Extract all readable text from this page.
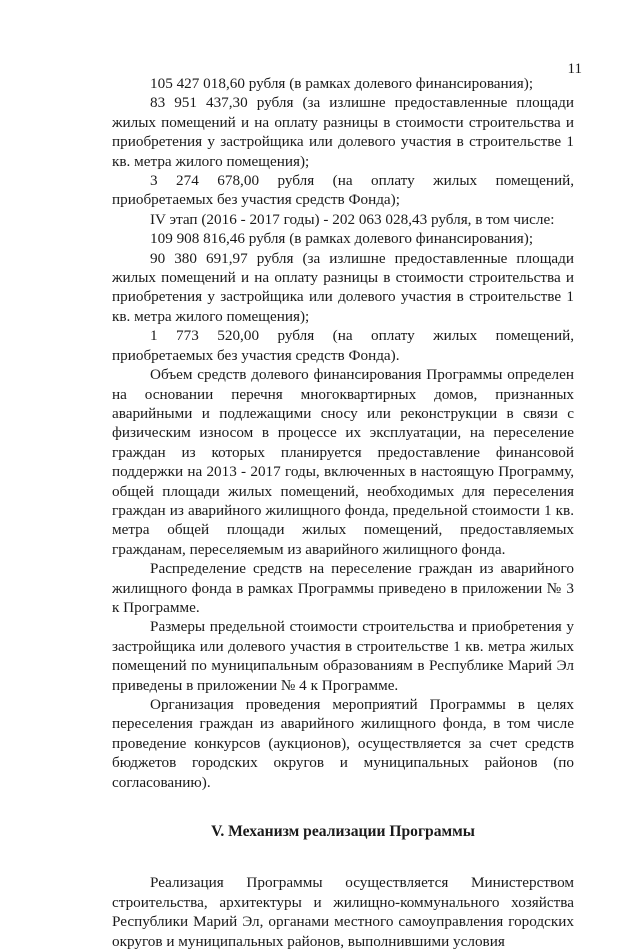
11

105 427 018,60 рубля (в рамках долевого финансирования);

83 951 437,30 рубля (за излишне предоставленные площади жилых помещений и на оплату разницы в стоимости строительства и приобретения у застройщика или долевого участия в строительстве 1 кв. метра жилого помещения);

3 274 678,00 рубля (на оплату жилых помещений, приобретаемых без участия средств Фонда);

IV этап (2016 - 2017 годы) - 202 063 028,43 рубля, в том числе:

109 908 816,46 рубля (в рамках долевого финансирования);

90 380 691,97 рубля (за излишне предоставленные площади жилых помещений и на оплату разницы в стоимости строительства и приобретения у застройщика или долевого участия в строительстве 1 кв. метра жилого помещения);

1 773 520,00 рубля (на оплату жилых помещений, приобретаемых без участия средств Фонда).

Объем средств долевого финансирования Программы определен на основании перечня многоквартирных домов, признанных аварийными и подлежащими сносу или реконструкции в связи с физическим износом в процессе их эксплуатации, на переселение граждан из которых планируется предоставление финансовой поддержки на 2013 - 2017 годы, включенных в настоящую Программу, общей площади жилых помещений, необходимых для переселения граждан из аварийного жилищного фонда, предельной стоимости 1 кв. метра общей площади жилых помещений, предоставляемых гражданам, переселяемым из аварийного жилищного фонда.

Распределение средств на переселение граждан из аварийного жилищного фонда в рамках Программы приведено в приложении № 3 к Программе.

Размеры предельной стоимости строительства и приобретения у застройщика или долевого участия в строительстве 1 кв. метра жилых помещений по муниципальным образованиям в Республике Марий Эл приведены в приложении № 4 к Программе.

Организация проведения мероприятий Программы в целях переселения граждан из аварийного жилищного фонда, в том числе проведение конкурсов (аукционов), осуществляется за счет средств бюджетов городских округов и муниципальных районов (по согласованию).

V. Механизм реализации Программы

Реализация Программы осуществляется Министерством строительства, архитектуры и жилищно-коммунального хозяйства Республики Марий Эл, органами местного самоуправления городских округов и муниципальных районов, выполнившими условия
